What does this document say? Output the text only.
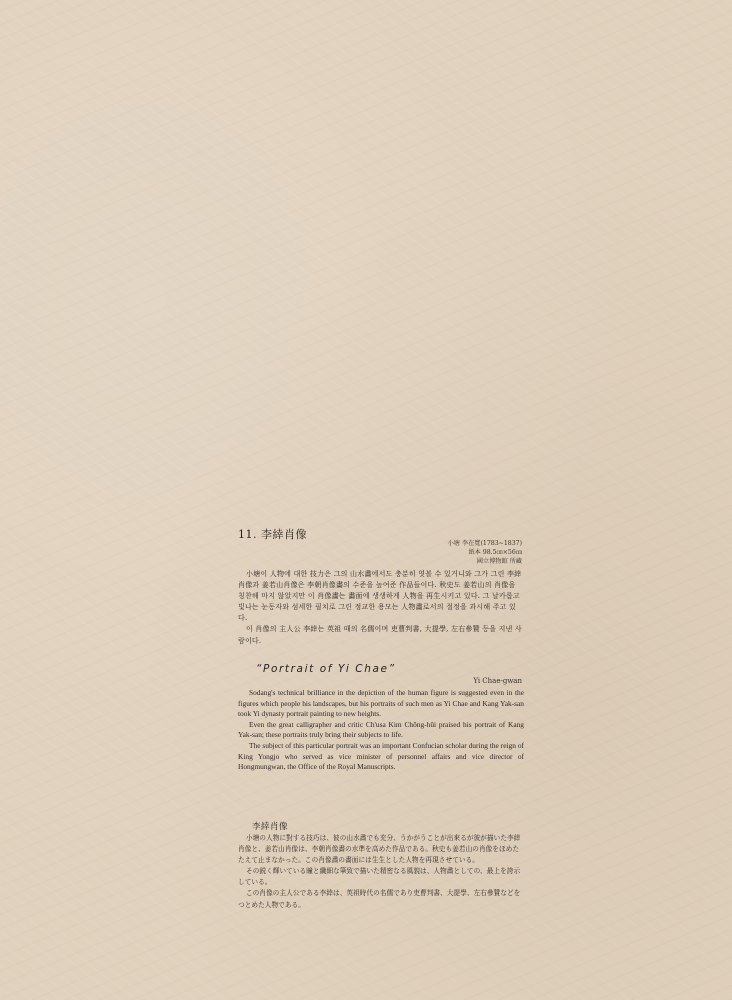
11. 李緈肖像
小塘 李在寬(1783~1837)
紙本 98.5㎝×56㎝
國立博物館 所藏

小塘이 人物에 대한 技力은 그의 山水畵에서도 충분히 엿볼 수 있거니와 그가 그린 李緈肖像과 姜若山肖像은 李朝肖像畵의 수준을 높여준 作品들이다. 秋史도 姜若山의 肖像을 칭찬해 마지 않았지만 이 肖像畵는 畵面에 생생하게 人物을 再生시키고 있다. 그 날카롭고 빛나는 눈동자와 섬세한 필치로 그린 정교한 용모는 人物畵로서의 절정을 과시해 주고 있다.

이 肖像의 主人公 李緈는 英祖 때의 名儒이며 吏曹判書, 大提學, 左右參贊 등을 지낸 사람이다.

“Portrait of Yi Chae”
Yi Chae-gwan

Sodang's technical brilliance in the depiction of the human figure is suggested even in the figures which people his landscapes, but his portraits of such men as Yi Chae and Kang Yak-san took Yi dynasty portrait painting to new heights.

Even the great calligrapher and critic Ch'usa Kim Chŏng-hŭi praised his portrait of Kang Yak-san; these portraits truly bring their subjects to life.

The subject of this particular portrait was an important Confucian scholar during the reign of King Yongjo who served as vice minister of personnel affairs and vice director of Hongmungwan, the Office of the Royal Manuscripts.

李緈肖像

小塘の人物に對する技巧は、彼の山水畵でも充分、うかがうことが出來るが彼が描いた李緈肖像と、姜若山肖像は、李朝肖像畵の水準を高めた作品である。秋史も姜若山の肖像をほめたたえて止まなかった。この肖像畵の畵面には生生とした人物を再現させている。

その鋭く輝いている瞳と纖細な筆致で描いた精密なる風貌は、人物畵としての、最上を誇示している。

この肖像の主人公である李緈は、英祖時代の名儒であり吏曹判書、大提學、左右參贊などをつとめた人物である。
